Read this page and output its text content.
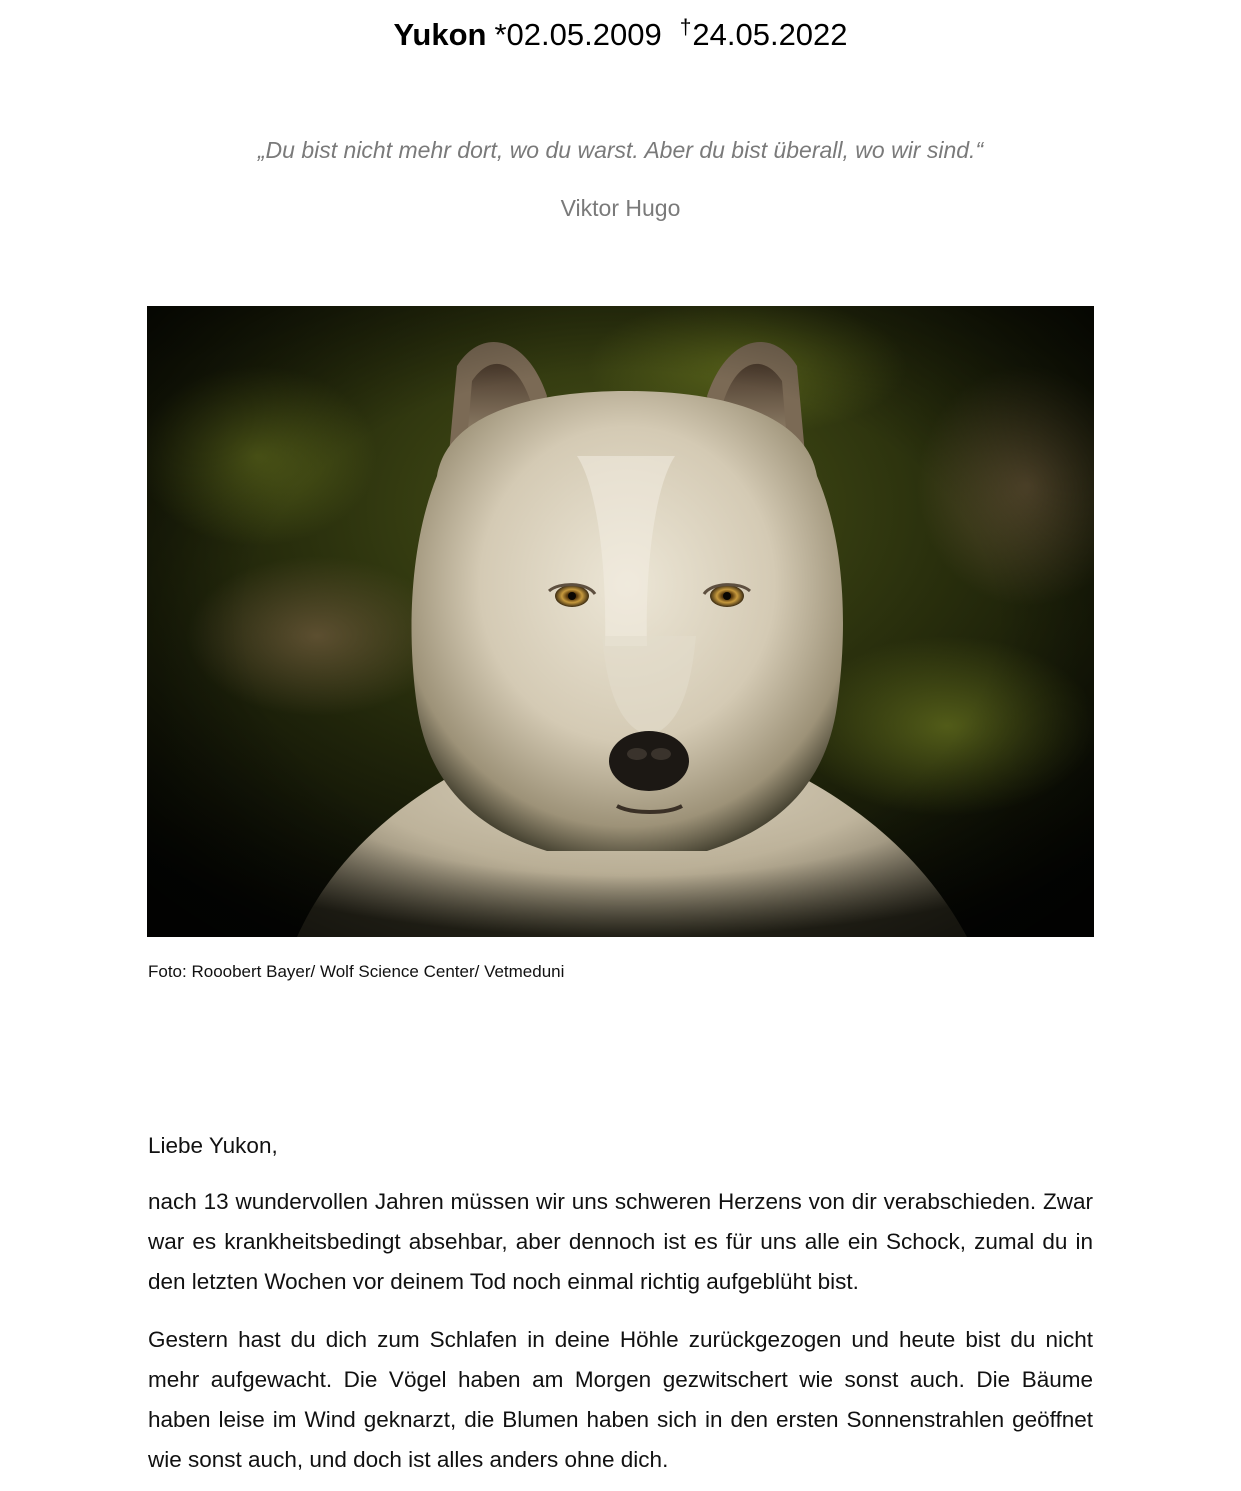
Yukon *02.05.2009 †24.05.2022
„Du bist nicht mehr dort, wo du warst. Aber du bist überall, wo wir sind.“
Viktor Hugo
Foto: Rooobert Bayer/ Wolf Science Center/ Vetmeduni

Liebe Yukon,

nach 13 wundervollen Jahren müssen wir uns schweren Herzens von dir verabschieden. Zwar war es krankheitsbedingt absehbar, aber dennoch ist es für uns alle ein Schock, zumal du in den letzten Wochen vor deinem Tod noch einmal richtig aufgeblüht bist.

Gestern hast du dich zum Schlafen in deine Höhle zurückgezogen und heute bist du nicht mehr aufgewacht. Die Vögel haben am Morgen gezwitschert wie sonst auch. Die Bäume haben leise im Wind geknarzt, die Blumen haben sich in den ersten Sonnenstrahlen geöffnet wie sonst auch, und doch ist alles anders ohne dich.
